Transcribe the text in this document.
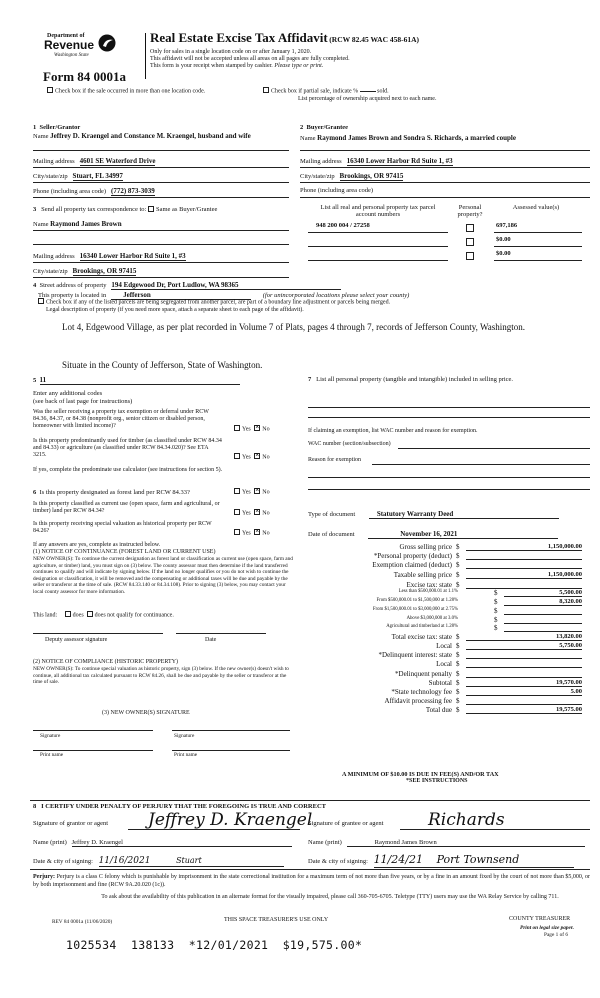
Department of
Revenue
Washington State
Form 84 0001a
Real Estate Excise Tax Affidavit (RCW 82.45 WAC 458-61A)
Only for sales in a single location code on or after January 1, 2020.
This affidavit will not be accepted unless all areas on all pages are fully completed.
This form is your receipt when stamped by cashier. Please type or print.
Check box if the sale occurred in more than one location code.	Check box if partial sale, indicate %	sold.
List percentage of ownership acquired next to each name.
1 Seller/Grantor
Name Jeffrey D. Kraengel and Constance M. Kraengel, husband and wife
Mailing address 4601 SE Waterford Drive
City/state/zip Stuart, FL 34997
Phone (including area code) (772) 873-3039
2 Buyer/Grantee
Name Raymond James Brown and Sondra S. Richards, a married couple
Mailing address 16340 Lower Harbor Rd Suite 1, #3
City/state/zip Brookings, OR 97415
Phone (including area code)
3 Send all property tax correspondence to: Same as Buyer/Grantee
Name Raymond James Brown
Mailing address 16340 Lower Harbor Rd Suite 1, #3
City/state/zip Brookings, OR 97415
List all real and personal property tax parcel account numbers
Personal property?
Assessed value(s)
948 200 004 / 27258	697,186
$0.00
$0.00
4 Street address of property 194 Edgewood Dr, Port Ludlow, WA 98365
This property is located in Jefferson	(for unincorporated locations please select your county)
Check box if any of the listed parcels are being segregated from another parcel, are part of a boundary line adjustment or parcels being merged.
Legal description of property (if you need more space, attach a separate sheet to each page of the affidavit).
Lot 4, Edgewood Village, as per plat recorded in Volume 7 of Plats, pages 4 through 7, records of Jefferson County, Washington.
Situate in the County of Jefferson, State of Washington.
5 11
Enter any additional codes
(see back of last page for instructions)
Was the seller receiving a property tax exemption or deferral under RCW 84.36, 84.37, or 84.38 (nonprofit org., senior citizen or disabled person, homeowner with limited income)?
Yes × No
Is this property predominantly used for timber (as classified under RCW 84.34 and 84.33) or agriculture (as classified under RCW 84.34.020)? See ETA 3215.	Yes × No
If yes, complete the predominate use calculator (see instructions for section 5).
6 Is this property designated as forest land per RCW 84.33?	Yes × No
Is this property classified as current use (open space, farm and agricultural, or timber) land per RCW 84.34?	Yes × No
Is this property receiving special valuation as historical property per RCW 84.26?	Yes × No
If any answers are yes, complete as instructed below.
(1) NOTICE OF CONTINUANCE (FOREST LAND OR CURRENT USE)
NEW OWNER(S): To continue the current designation as forest land or classification as current use (open space, farm and agriculture, or timber) land, you must sign on (3) below. The county assessor must then determine if the land transferred continues to qualify and will indicate by signing below. If the land no longer qualifies or you do not wish to continue the designation or classification, it will be removed and the compensating or additional taxes will be due and payable by the seller or transferor at the time of sale. (RCW 84.33.140 or 84.34.108). Prior to signing (3) below, you may contact your local county assessor for more information.
This land:	does does not qualify for continuance.
Deputy assessor signature	Date
(2) NOTICE OF COMPLIANCE (HISTORIC PROPERTY)
NEW OWNER(S): To continue special valuation as historic property, sign (3) below. If the new owner(s) doesn't wish to continue, all additional tax calculated pursuant to RCW 84.26, shall be due and payable by the seller or transferor at the time of sale.
(3) NEW OWNER(S) SIGNATURE
Signature	Signature
Print name	Print name
7 List all personal property (tangible and intangible) included in selling price.
If claiming an exemption, list WAC number and reason for exemption.
WAC number (section/subsection)
Reason for exemption
Type of document	Statutory Warranty Deed
Date of document	November 16, 2021
Gross selling price $	1,150,000.00
*Personal property (deduct) $
Exemption claimed (deduct) $
Taxable selling price $	1,150,000.00
Excise tax: state $
Less than $500,000.01 at 1.1%	$	5,500.00
From $500,000.01 to $1,500,000 at 1.28%	$	8,320.00
From $1,500,000.01 to $3,000,000 at 2.75%	$
Above $3,000,000 at 3.0%	$
Agricultural and timberland at 1.28%	$
Total excise tax: state $	13,820.00
Local $	5,750.00
*Delinquent interest: state $
Local $
*Delinquent penalty $
Subtotal $	19,570.00
*State technology fee $	5.00
Affidavit processing fee $
Total due $	19,575.00
A MINIMUM OF $10.00 IS DUE IN FEE(S) AND/OR TAX
*SEE INSTRUCTIONS
8 I CERTIFY UNDER PENALTY OF PERJURY THAT THE FOREGOING IS TRUE AND CORRECT
Signature of grantor or agent Jeffrey D. Kraengel
Signature of grantee or agent	Richards
Name (print) Jeffrey D. Kraengel	Name (print)	Raymond James Brown
Date & city of signing: 11/16/2021	Stuart	Date & city of signing: 11/24/21 Port Townsend
Perjury: Perjury is a class C felony which is punishable by imprisonment in the state correctional institution for a maximum term of not more than five years, or by a fine in an amount fixed by the court of not more than $5,000, or by both imprisonment and fine (RCW 9A.20.020 (1c)).
To ask about the availability of this publication in an alternate format for the visually impaired, please call 360-705-6705. Teletype (TTY) users may use the WA Relay Service by calling 711.
REV 84 0001a (11/06/2020)	THIS SPACE TREASURER'S USE ONLY	COUNTY TREASURER
Print on legal size paper.
Page 1 of 6
1025534  138133  *12/01/2021  $19,575.00*
